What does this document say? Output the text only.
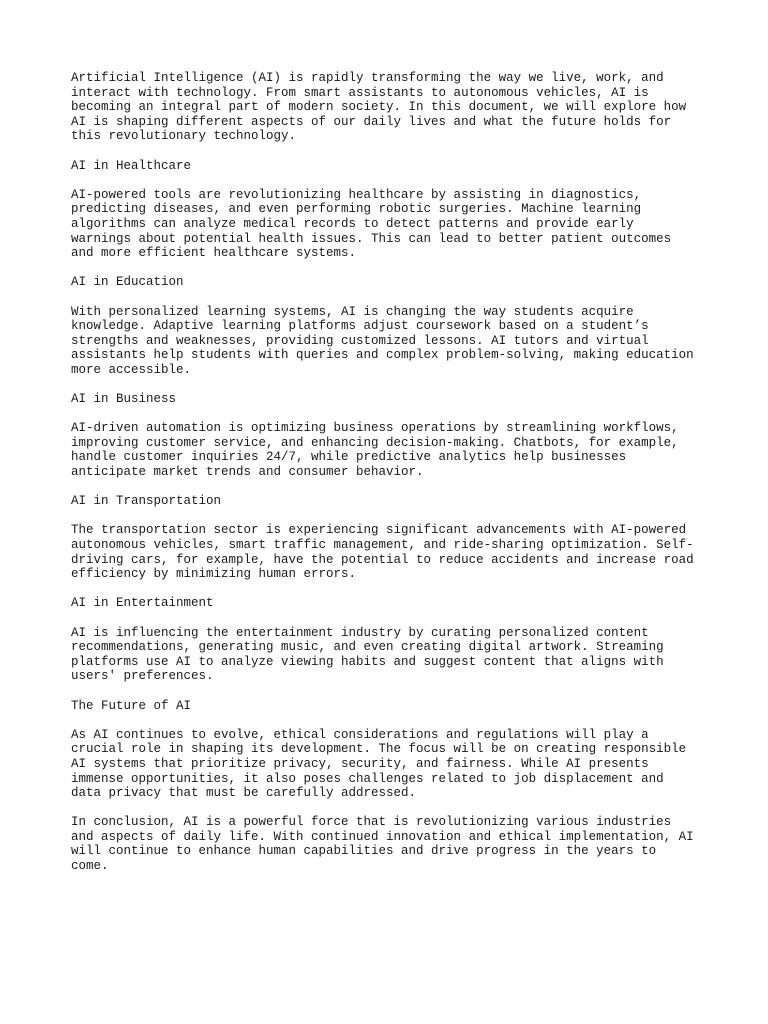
Artificial Intelligence (AI) is rapidly transforming the way we live, work, and
interact with technology. From smart assistants to autonomous vehicles, AI is
becoming an integral part of modern society. In this document, we will explore how
AI is shaping different aspects of our daily lives and what the future holds for
this revolutionary technology.

AI in Healthcare

AI-powered tools are revolutionizing healthcare by assisting in diagnostics,
predicting diseases, and even performing robotic surgeries. Machine learning
algorithms can analyze medical records to detect patterns and provide early
warnings about potential health issues. This can lead to better patient outcomes
and more efficient healthcare systems.

AI in Education

With personalized learning systems, AI is changing the way students acquire
knowledge. Adaptive learning platforms adjust coursework based on a student’s
strengths and weaknesses, providing customized lessons. AI tutors and virtual
assistants help students with queries and complex problem-solving, making education
more accessible.

AI in Business

AI-driven automation is optimizing business operations by streamlining workflows,
improving customer service, and enhancing decision-making. Chatbots, for example,
handle customer inquiries 24/7, while predictive analytics help businesses
anticipate market trends and consumer behavior.

AI in Transportation

The transportation sector is experiencing significant advancements with AI-powered
autonomous vehicles, smart traffic management, and ride-sharing optimization. Self-
driving cars, for example, have the potential to reduce accidents and increase road
efficiency by minimizing human errors.

AI in Entertainment

AI is influencing the entertainment industry by curating personalized content
recommendations, generating music, and even creating digital artwork. Streaming
platforms use AI to analyze viewing habits and suggest content that aligns with
users' preferences.

The Future of AI

As AI continues to evolve, ethical considerations and regulations will play a
crucial role in shaping its development. The focus will be on creating responsible
AI systems that prioritize privacy, security, and fairness. While AI presents
immense opportunities, it also poses challenges related to job displacement and
data privacy that must be carefully addressed.

In conclusion, AI is a powerful force that is revolutionizing various industries
and aspects of daily life. With continued innovation and ethical implementation, AI
will continue to enhance human capabilities and drive progress in the years to
come.
